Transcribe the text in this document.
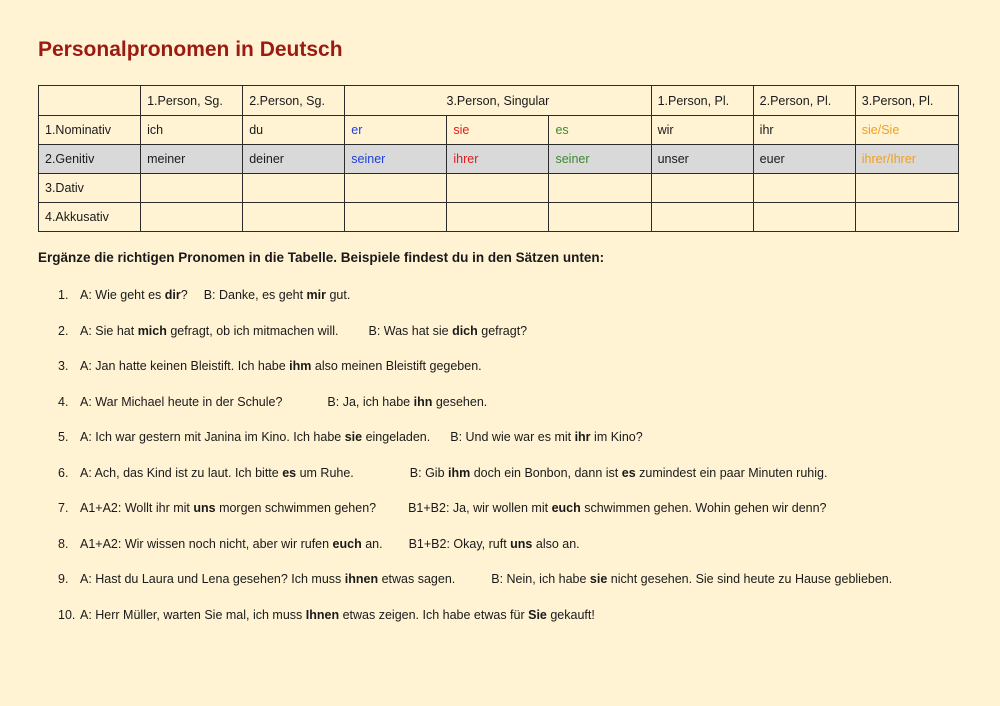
Personalpronomen in Deutsch
	1.Person, Sg.	2.Person, Sg.	3.Person, Singular			1.Person, Pl.	2.Person, Pl.	3.Person, Pl.
1.Nominativ	ich	du	er	sie	es	wir	ihr	sie/Sie
2.Genitiv	meiner	deiner	seiner	ihrer	seiner	unser	euer	ihrer/Ihrer
3.Dativ								
4.Akkusativ								

Ergänze die richtigen Pronomen in die Tabelle. Beispiele findest du in den Sätzen unten:

1. A: Wie geht es dir? B: Danke, es geht mir gut.
2. A: Sie hat mich gefragt, ob ich mitmachen will. B: Was hat sie dich gefragt?
3. A: Jan hatte keinen Bleistift. Ich habe ihm also meinen Bleistift gegeben.
4. A: War Michael heute in der Schule?	B: Ja, ich habe ihn gesehen.
5. A: Ich war gestern mit Janina im Kino. Ich habe sie eingeladen. B: Und wie war es mit ihr im Kino?
6. A: Ach, das Kind ist zu laut. Ich bitte es um Ruhe.	B: Gib ihm doch ein Bonbon, dann ist es zumindest ein paar Minuten ruhig.
7. A1+A2: Wollt ihr mit uns morgen schwimmen gehen?	B1+B2: Ja, wir wollen mit euch schwimmen gehen. Wohin gehen wir denn?
8. A1+A2: Wir wissen noch nicht, aber wir rufen euch an. B1+B2: Okay, ruft uns also an.
9. A: Hast du Laura und Lena gesehen? Ich muss ihnen etwas sagen.	B: Nein, ich habe sie nicht gesehen. Sie sind heute zu Hause geblieben.
10. A: Herr Müller, warten Sie mal, ich muss Ihnen etwas zeigen. Ich habe etwas für Sie gekauft!
